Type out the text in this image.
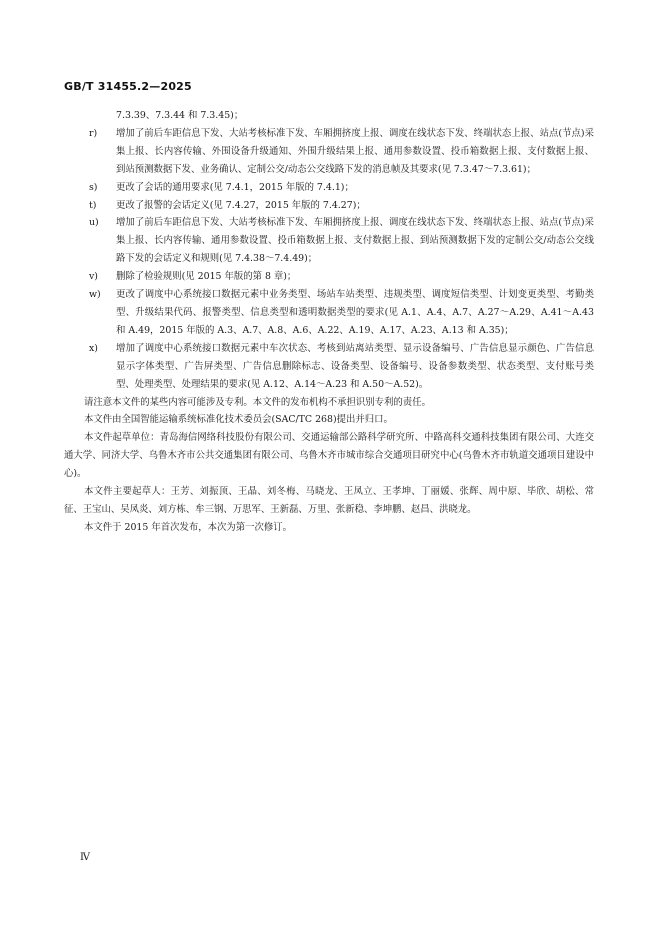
GB/T 31455.2—2025
7.3.39、7.3.44 和 7.3.45)；
r) 增加了前后车距信息下发、大站考核标准下发、车厢拥挤度上报、调度在线状态下发、终端状态上报、站点(节点)采集上报、长内容传输、外围设备升级通知、外围升级结果上报、通用参数设置、投币箱数据上报、支付数据上报、到站预测数据下发、业务确认、定制公交/动态公交线路下发的消息帧及其要求(见 7.3.47～7.3.61)；
s) 更改了会话的通用要求(见 7.4.1，2015 年版的 7.4.1)；
t) 更改了报警的会话定义(见 7.4.27，2015 年版的 7.4.27)；
u) 增加了前后车距信息下发、大站考核标准下发、车厢拥挤度上报、调度在线状态下发、终端状态上报、站点(节点)采集上报、长内容传输、通用参数设置、投币箱数据上报、支付数据上报、到站预测数据下发的定制公交/动态公交线路下发的会话定义和规则(见 7.4.38～7.4.49)；
v) 删除了检验规则(见 2015 年版的第 8 章)；
w) 更改了调度中心系统接口数据元素中业务类型、场站车站类型、违规类型、调度短信类型、计划变更类型、考勤类型、升级结果代码、报警类型、信息类型和透明数据类型的要求(见 A.1、A.4、A.7、A.27～A.29、A.41～A.43 和 A.49，2015 年版的 A.3、A.7、A.8、A.6、A.22、A.19、A.17、A.23、A.13 和 A.35)；
x) 增加了调度中心系统接口数据元素中车次状态、考核到站离站类型、显示设备编号、广告信息显示颜色、广告信息显示字体类型、广告屏类型、广告信息删除标志、设备类型、设备编号、设备参数类型、状态类型、支付账号类型、处理类型、处理结果的要求(见 A.12、A.14～A.23 和 A.50～A.52)。
请注意本文件的某些内容可能涉及专利。本文件的发布机构不承担识别专利的责任。
本文件由全国智能运输系统标准化技术委员会(SAC/TC 268)提出并归口。
本文件起草单位：青岛海信网络科技股份有限公司、交通运输部公路科学研究所、中路高科交通科技集团有限公司、大连交通大学、同济大学、乌鲁木齐市公共交通集团有限公司、乌鲁木齐市城市综合交通项目研究中心(乌鲁木齐市轨道交通项目建设中心)。
本文件主要起草人：王芳、刘振顶、王晶、刘冬梅、马晓龙、王凤立、王孝坤、丁丽媛、张辉、周中原、毕欣、胡松、常征、王宝山、吴凤炎、刘方栋、牟三钢、万思军、王新磊、万里、张新稳、李坤鹏、赵昌、洪晓龙。
本文件于 2015 年首次发布，本次为第一次修订。
Ⅳ
